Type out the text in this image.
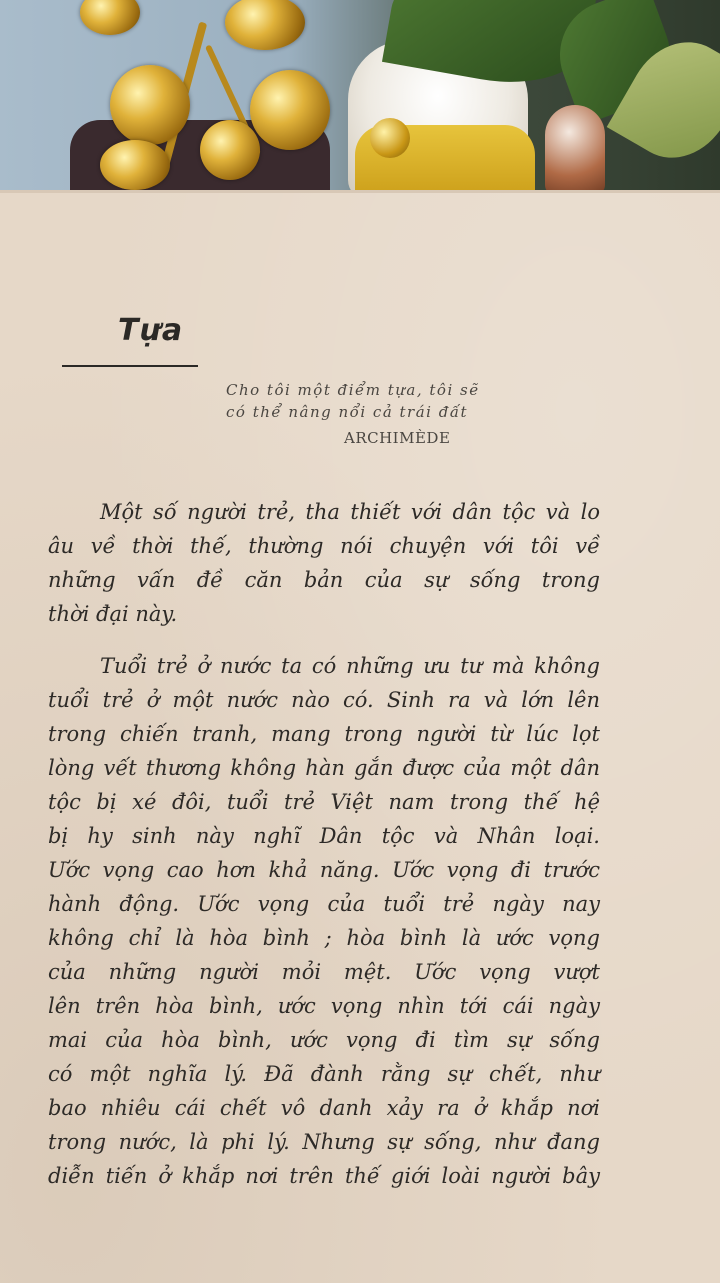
Tựa
Cho tôi một điểm tựa, tôi sẽ
có thể nâng nổi cả trái đất
ARCHIMÈDE

Một số người trẻ, tha thiết với dân tộc và lo
âu về thời thế, thường nói chuyện với tôi về
những vấn đề căn bản của sự sống trong
thời đại này.

Tuổi trẻ ở nước ta có những ưu tư mà không
tuổi trẻ ở một nước nào có. Sinh ra và lớn lên
trong chiến tranh, mang trong người từ lúc lọt
lòng vết thương không hàn gắn được của một dân
tộc bị xé đôi, tuổi trẻ Việt nam trong thế hệ
bị hy sinh này nghĩ Dân tộc và Nhân loại.
Ước vọng cao hơn khả năng. Ước vọng đi trước
hành động. Ước vọng của tuổi trẻ ngày nay
không chỉ là hòa bình ; hòa bình là ước vọng
của những người mỏi mệt. Ước vọng vượt
lên trên hòa bình, ước vọng nhìn tới cái ngày
mai của hòa bình, ước vọng đi tìm sự sống
có một nghĩa lý. Đã đành rằng sự chết, như
bao nhiêu cái chết vô danh xảy ra ở khắp nơi
trong nước, là phi lý. Nhưng sự sống, như đang
diễn tiến ở khắp nơi trên thế giới loài người bây
